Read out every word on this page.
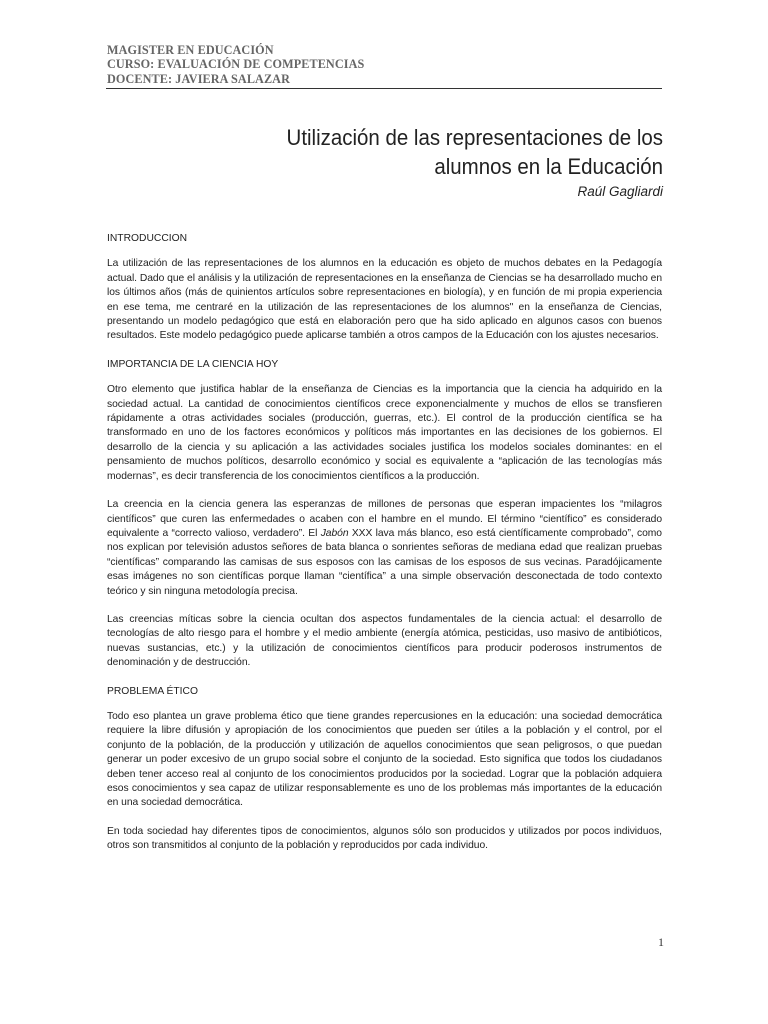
MAGISTER EN EDUCACIÓN
CURSO: EVALUACIÓN DE COMPETENCIAS
DOCENTE: JAVIERA SALAZAR
Utilización de las representaciones de los
alumnos en la Educación
Raúl Gagliardi
INTRODUCCION

La utilización de las representaciones de los alumnos en la educación es objeto de muchos debates en la Pedagogía actual. Dado que el análisis y la utilización de representaciones en la enseñanza de Ciencias se ha desarrollado mucho en los últimos años (más de quinientos artículos sobre representaciones en biología), y en función de mi propia experiencia en ese tema, me centraré en la utilización de las representaciones de los alumnos" en la enseñanza de Ciencias, presentando un modelo pedagógico que está en elaboración pero que ha sido aplicado en algunos casos con buenos resultados. Este modelo pedagógico puede aplicarse también a otros campos de la Educación con los ajustes necesarios.

IMPORTANCIA DE LA CIENCIA HOY

Otro elemento que justifica hablar de la enseñanza de Ciencias es la importancia que la ciencia ha adquirido en la sociedad actual. La cantidad de conocimientos científicos crece exponencialmente y muchos de ellos se transfieren rápidamente a otras actividades sociales (producción, guerras, etc.). El control de la producción científica se ha transformado en uno de los factores económicos y políticos más importantes en las decisiones de los gobiernos. El desarrollo de la ciencia y su aplicación a las actividades sociales justifica los modelos sociales dominantes: en el pensamiento de muchos políticos, desarrollo económico y social es equivalente a “aplicación de las tecnologías más modernas”, es decir transferencia de los conocimientos científicos a la producción.

La creencia en la ciencia genera las esperanzas de millones de personas que esperan impacientes los “milagros científicos” que curen las enfermedades o acaben con el hambre en el mundo. El término “científico” es considerado equivalente a “correcto valioso, verdadero”. El Jabón XXX lava más blanco, eso está científicamente comprobado”, como nos explican por televisión adustos señores de bata blanca o sonrientes señoras de mediana edad que realizan pruebas “científicas” comparando las camisas de sus esposos con las camisas de los esposos de sus vecinas. Paradójicamente esas imágenes no son científicas porque llaman “científica” a una simple observación desconectada de todo contexto teórico y sin ninguna metodología precisa.

Las creencias míticas sobre la ciencia ocultan dos aspectos fundamentales de la ciencia actual: el desarrollo de tecnologías de alto riesgo para el hombre y el medio ambiente (energía atómica, pesticidas, uso masivo de antibióticos, nuevas sustancias, etc.) y la utilización de conocimientos científicos para producir poderosos instrumentos de denominación y de destrucción.

PROBLEMA ÉTICO

Todo eso plantea un grave problema ético que tiene grandes repercusiones en la educación: una sociedad democrática requiere la libre difusión y apropiación de los conocimientos que pueden ser útiles a la población y el control, por el conjunto de la población, de la producción y utilización de aquellos conocimientos que sean peligrosos, o que puedan generar un poder excesivo de un grupo social sobre el conjunto de la sociedad. Esto significa que todos los ciudadanos deben tener acceso real al conjunto de los conocimientos producidos por la sociedad. Lograr que la población adquiera esos conocimientos y sea capaz de utilizar responsablemente es uno de los problemas más importantes de la educación en una sociedad democrática.

En toda sociedad hay diferentes tipos de conocimientos, algunos sólo son producidos y utilizados por pocos individuos, otros son transmitidos al conjunto de la población y reproducidos por cada individuo.

1
